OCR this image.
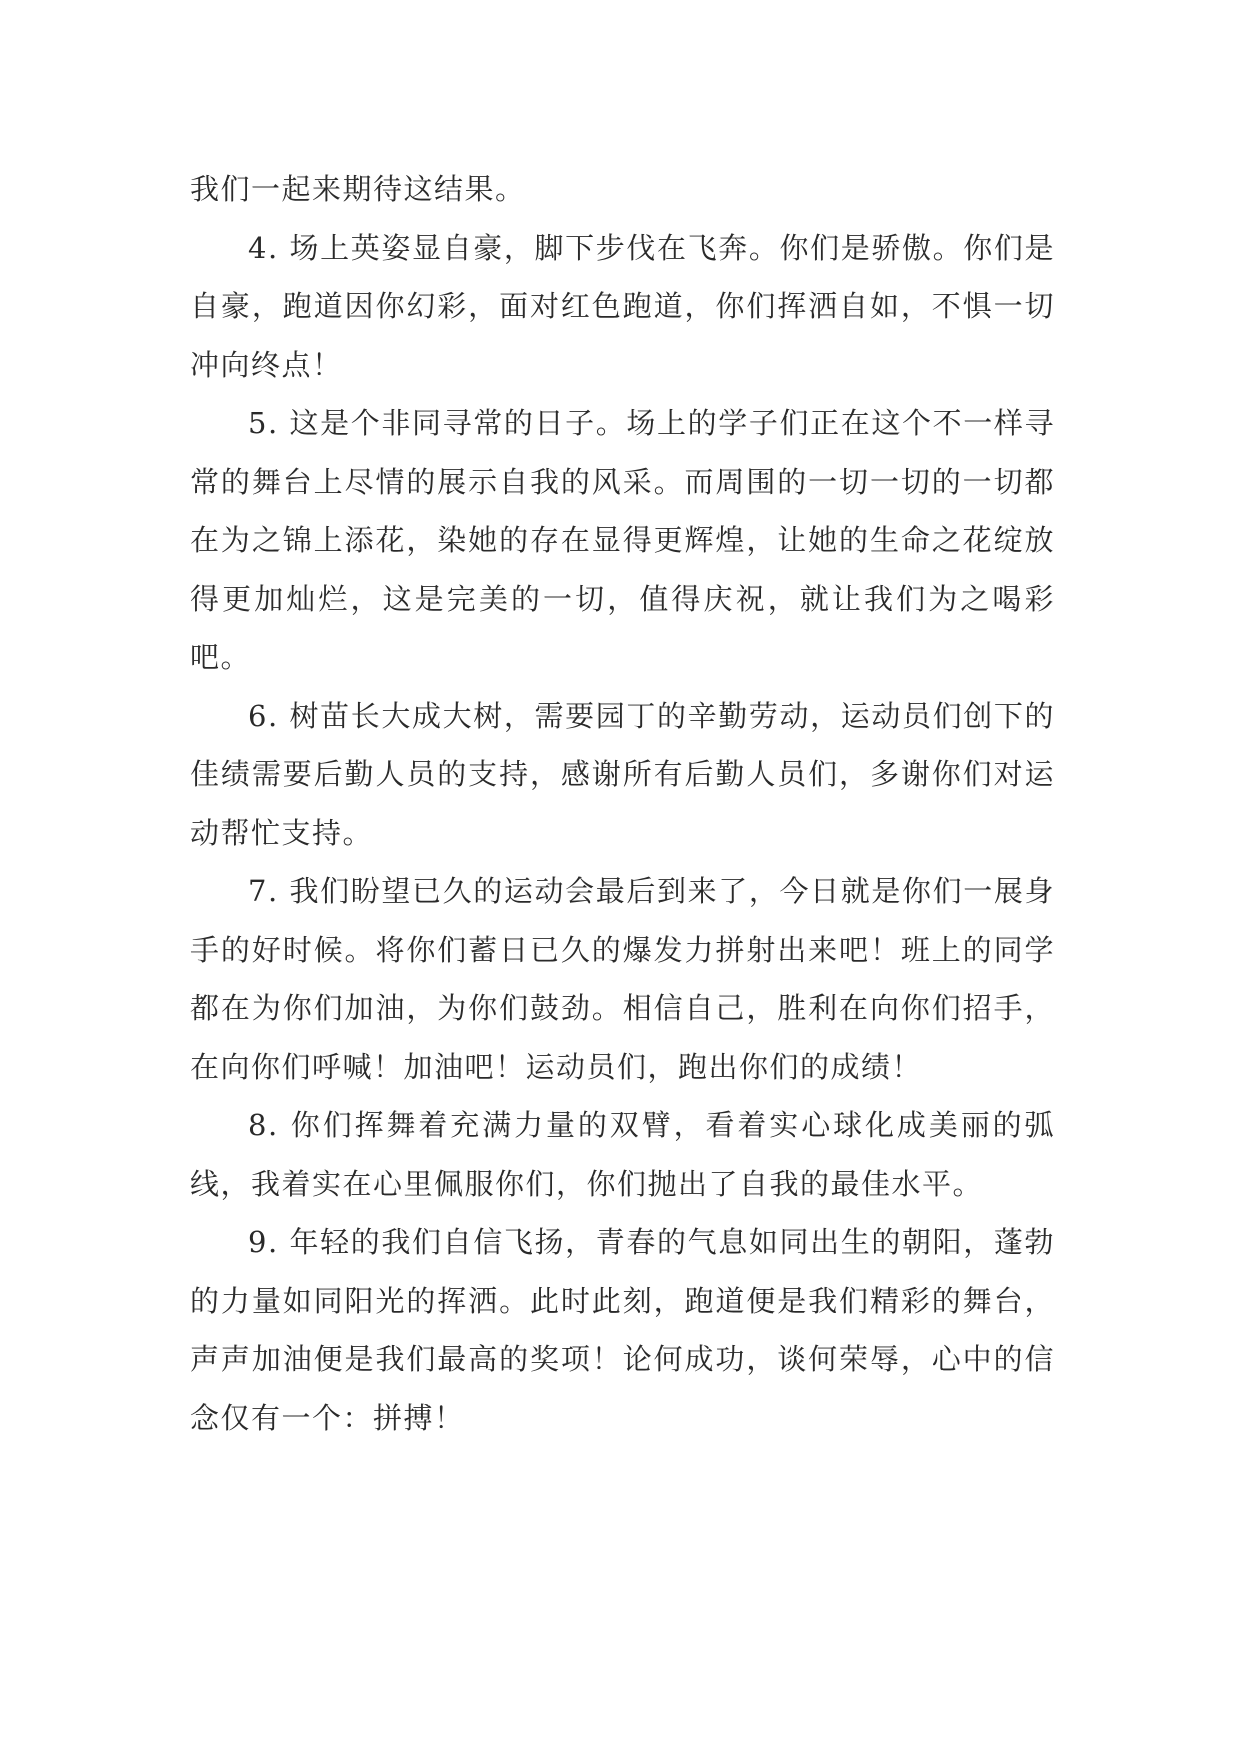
我们一起来期待这结果。

4. 场上英姿显自豪，脚下步伐在飞奔。你们是骄傲。你们是自豪，跑道因你幻彩，面对红色跑道，你们挥洒自如，不惧一切冲向终点！

5. 这是个非同寻常的日子。场上的学子们正在这个不一样寻常的舞台上尽情的展示自我的风采。而周围的一切一切的一切都在为之锦上添花，染她的存在显得更辉煌，让她的生命之花绽放得更加灿烂，这是完美的一切，值得庆祝，就让我们为之喝彩吧。

6. 树苗长大成大树，需要园丁的辛勤劳动，运动员们创下的佳绩需要后勤人员的支持，感谢所有后勤人员们，多谢你们对运动帮忙支持。

7. 我们盼望已久的运动会最后到来了，今日就是你们一展身手的好时候。将你们蓄日已久的爆发力拼射出来吧！班上的同学都在为你们加油，为你们鼓劲。相信自己，胜利在向你们招手，在向你们呼喊！加油吧！运动员们，跑出你们的成绩！

8. 你们挥舞着充满力量的双臂，看着实心球化成美丽的弧线，我着实在心里佩服你们，你们抛出了自我的最佳水平。

9. 年轻的我们自信飞扬，青春的气息如同出生的朝阳，蓬勃的力量如同阳光的挥洒。此时此刻，跑道便是我们精彩的舞台，声声加油便是我们最高的奖项！论何成功，谈何荣辱，心中的信念仅有一个：拼搏！
